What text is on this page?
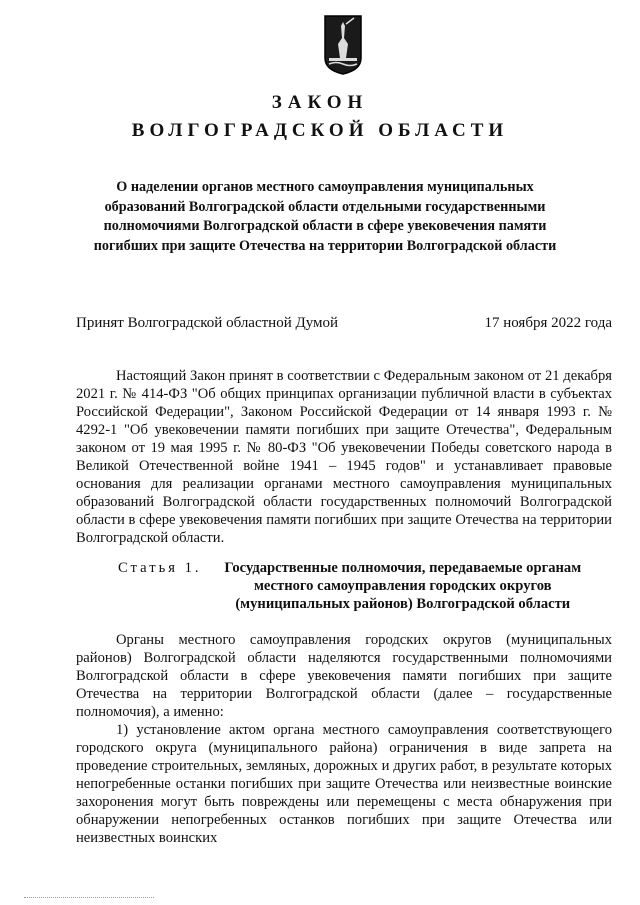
ЗАКОН
ВОЛГОГРАДСКОЙ ОБЛАСТИ
О наделении органов местного самоуправления муниципальных образований Волгоградской области отдельными государственными полномочиями Волгоградской области в сфере увековечения памяти погибших при защите Отечества на территории Волгоградской области
Принят Волгоградской областной Думой	17 ноября 2022 года
Настоящий Закон принят в соответствии с Федеральным законом от 21 декабря 2021 г. № 414-ФЗ "Об общих принципах организации публичной власти в субъектах Российской Федерации", Законом Российской Федерации от 14 января 1993 г. № 4292-1 "Об увековечении памяти погибших при защите Отечества", Федеральным законом от 19 мая 1995 г. № 80-ФЗ "Об увековечении Победы советского народа в Великой Отечественной войне 1941 – 1945 годов" и устанавливает правовые основания для реализации органами местного самоуправления муниципальных образований Волгоградской области государственных полномочий Волгоградской области в сфере увековечения памяти погибших при защите Отечества на территории Волгоградской области.
Статья 1.	Государственные полномочия, передаваемые органам местного самоуправления городских округов (муниципальных районов) Волгоградской области
Органы местного самоуправления городских округов (муниципальных районов) Волгоградской области наделяются государственными полномочиями Волгоградской области в сфере увековечения памяти погибших при защите Отечества на территории Волгоградской области (далее – государственные полномочия), а именно:
1) установление актом органа местного самоуправления соответствующего городского округа (муниципального района) ограничения в виде запрета на проведение строительных, земляных, дорожных и других работ, в результате которых непогребенные останки погибших при защите Отечества или неизвестные воинские захоронения могут быть повреждены или перемещены с места обнаружения при обнаружении непогребенных останков погибших при защите Отечества или неизвестных воинских
